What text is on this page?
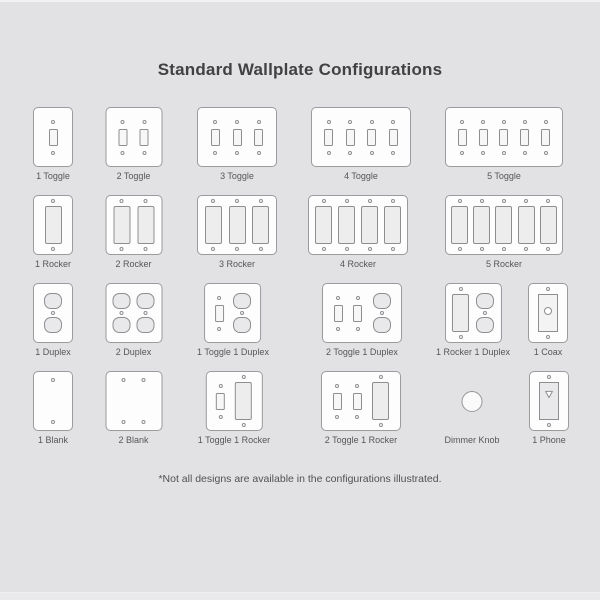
Standard Wallplate Configurations
1 Toggle	2 Toggle	3 Toggle	4 Toggle	5 Toggle
1 Rocker	2 Rocker	3 Rocker	4 Rocker	5 Rocker
1 Duplex	2 Duplex	1 Toggle 1 Duplex	2 Toggle 1 Duplex	1 Rocker 1 Duplex	1 Coax
1 Blank	2 Blank	1 Toggle 1 Rocker	2 Toggle 1 Rocker	Dimmer Knob	1 Phone
*Not all designs are available in the configurations illustrated.
